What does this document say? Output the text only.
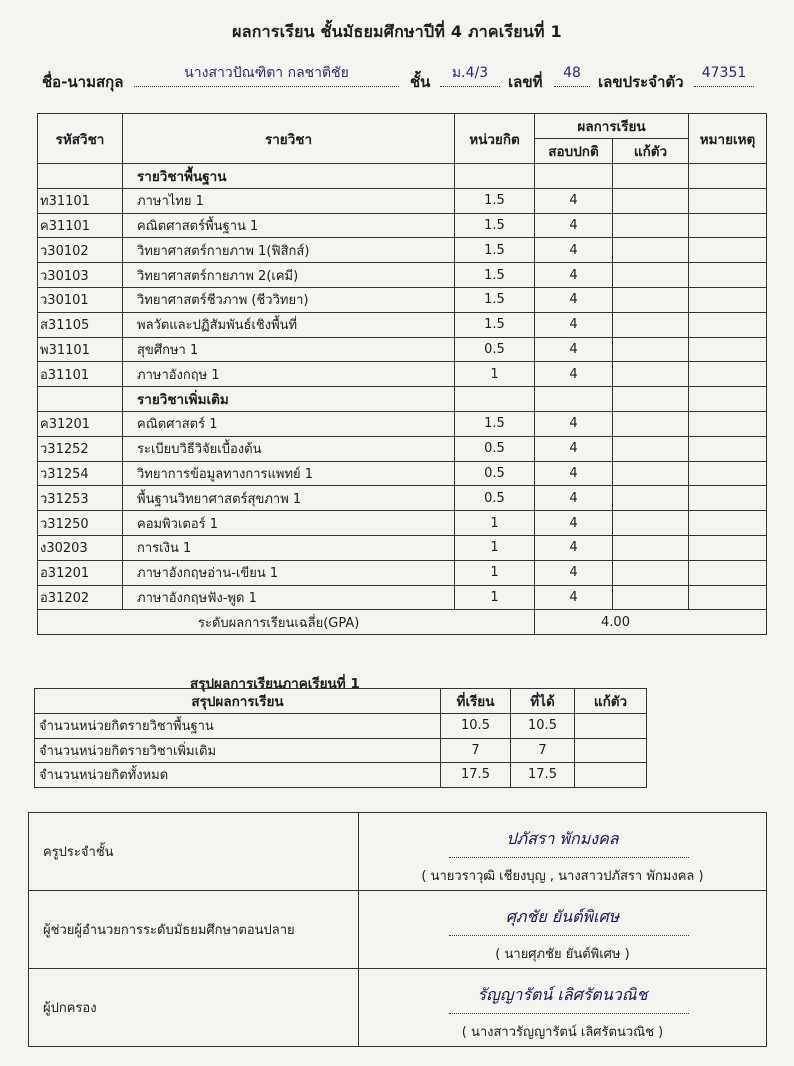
ผลการเรียน ชั้นมัธยมศึกษาปีที่ 4 ภาคเรียนที่ 1
ชื่อ-นามสกุล	นางสาวปัณฑิตา กลชาติชัย	ชั้น	ม.4/3	เลขที่	48	เลขประจำตัว	47351
รหัสวิชา	รายวิชา	หน่วยกิต	ผลการเรียน		หมายเหตุ
			สอบปกติ	แก้ตัว	
	รายวิชาพื้นฐาน				
ท31101	ภาษาไทย 1	1.5	4		
ค31101	คณิตศาสตร์พื้นฐาน 1	1.5	4		
ว30102	วิทยาศาสตร์กายภาพ 1(ฟิสิกส์)	1.5	4		
ว30103	วิทยาศาสตร์กายภาพ 2(เคมี)	1.5	4		
ว30101	วิทยาศาสตร์ชีวภาพ (ชีววิทยา)	1.5	4		
ส31105	พลวัตและปฏิสัมพันธ์เชิงพื้นที่	1.5	4		
พ31101	สุขศึกษา 1	0.5	4		
อ31101	ภาษาอังกฤษ 1	1	4		
	รายวิชาเพิ่มเติม				
ค31201	คณิตศาสตร์ 1	1.5	4		
ว31252	ระเบียบวิธีวิจัยเบื้องต้น	0.5	4		
ว31254	วิทยาการข้อมูลทางการแพทย์ 1	0.5	4		
ว31253	พื้นฐานวิทยาศาสตร์สุขภาพ 1	0.5	4		
ว31250	คอมพิวเตอร์ 1	1	4		
ง30203	การเงิน 1	1	4		
อ31201	ภาษาอังกฤษอ่าน-เขียน 1	1	4		
อ31202	ภาษาอังกฤษฟัง-พูด 1	1	4		
ระดับผลการเรียนเฉลี่ย(GPA)			4.00		
สรุปผลการเรียนภาคเรียนที่ 1
สรุปผลการเรียน	ที่เรียน	ที่ได้	แก้ตัว
จำนวนหน่วยกิตรายวิชาพื้นฐาน	10.5	10.5	
จำนวนหน่วยกิตรายวิชาเพิ่มเติม	7	7	
จำนวนหน่วยกิตทั้งหมด	17.5	17.5	
ครูประจำชั้น	ปภัสรา พักมงคล
( นายวราวุฒิ เชียงบุญ , นางสาวปภัสรา พักมงคล )

ผู้ช่วยผู้อำนวยการระดับมัธยมศึกษาตอนปลาย	ศุภชัย ยันต์พิเศษ
( นายศุภชัย ยันต์พิเศษ )

ผู้ปกครอง	รัญญารัตน์ เลิศรัตนวณิช
( นางสาวรัญญารัตน์ เลิศรัตนวณิช )
